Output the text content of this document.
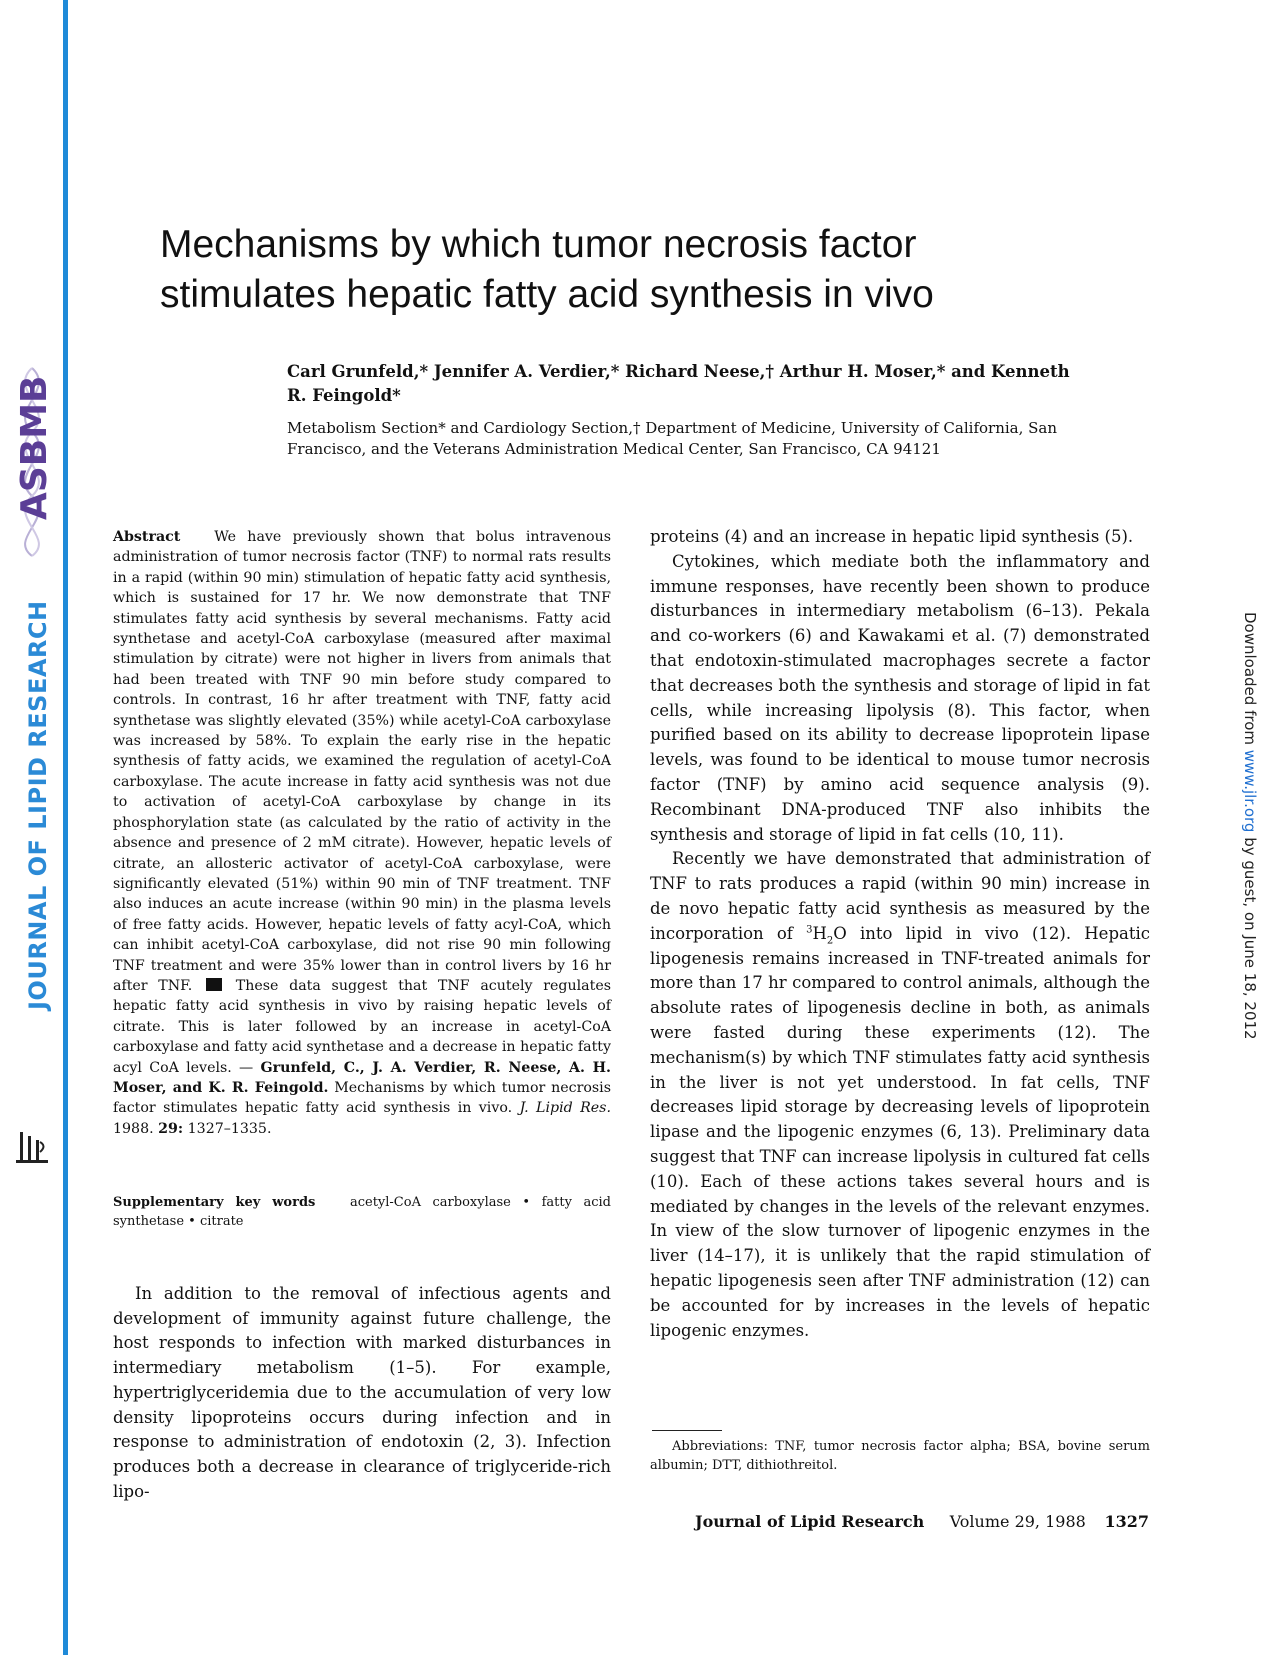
ASBMB
JOURNAL OF LIPID RESEARCH	Downloaded from www.jlr.org by guest, on June 18, 2012
Mechanisms by which tumor necrosis factor stimulates hepatic fatty acid synthesis in vivo
Carl Grunfeld,* Jennifer A. Verdier,* Richard Neese,† Arthur H. Moser,* and Kenneth R. Feingold*
Metabolism Section* and Cardiology Section,† Department of Medicine, University of California, San Francisco, and the Veterans Administration Medical Center, San Francisco, CA 94121
Abstract We have previously shown that bolus intravenous administration of tumor necrosis factor (TNF) to normal rats results in a rapid (within 90 min) stimulation of hepatic fatty acid synthesis, which is sustained for 17 hr. We now demonstrate that TNF stimulates fatty acid synthesis by several mechanisms. Fatty acid synthetase and acetyl-CoA carboxylase (measured after maximal stimulation by citrate) were not higher in livers from animals that had been treated with TNF 90 min before study compared to controls. In contrast, 16 hr after treatment with TNF, fatty acid synthetase was slightly elevated (35%) while acetyl-CoA carboxylase was increased by 58%. To explain the early rise in the hepatic synthesis of fatty acids, we examined the regulation of acetyl-CoA carboxylase. The acute increase in fatty acid synthesis was not due to activation of acetyl-CoA carboxylase by change in its phosphorylation state (as calculated by the ratio of activity in the absence and presence of 2 mM citrate). However, hepatic levels of citrate, an allosteric activator of acetyl-CoA carboxylase, were significantly elevated (51%) within 90 min of TNF treatment. TNF also induces an acute increase (within 90 min) in the plasma levels of free fatty acids. However, hepatic levels of fatty acyl-CoA, which can inhibit acetyl-CoA carboxylase, did not rise 90 min following TNF treatment and were 35% lower than in control livers by 16 hr after TNF.	These data suggest that TNF acutely regulates hepatic fatty acid synthesis in vivo by raising hepatic levels of citrate. This is later followed by an increase in acetyl-CoA carboxylase and fatty acid synthetase and a decrease in hepatic fatty acyl CoA levels. — Grunfeld, C., J. A. Verdier, R. Neese, A. H. Moser, and K. R. Feingold. Mechanisms by which tumor necrosis factor stimulates hepatic fatty acid synthesis in vivo. J. Lipid Res. 1988. 29: 1327–1335.
Supplementary key words	acetyl-CoA carboxylase • fatty acid synthetase • citrate
In addition to the removal of infectious agents and development of immunity against future challenge, the host responds to infection with marked disturbances in intermediary metabolism (1–5). For example, hypertriglyceridemia due to the accumulation of very low density lipoproteins occurs during infection and in response to administration of endotoxin (2, 3). Infection produces both a decrease in clearance of triglyceride-rich lipo-

proteins (4) and an increase in hepatic lipid synthesis (5).

Cytokines, which mediate both the inflammatory and immune responses, have recently been shown to produce disturbances in intermediary metabolism (6–13). Pekala and co-workers (6) and Kawakami et al. (7) demonstrated that endotoxin-stimulated macrophages secrete a factor that decreases both the synthesis and storage of lipid in fat cells, while increasing lipolysis (8). This factor, when purified based on its ability to decrease lipoprotein lipase levels, was found to be identical to mouse tumor necrosis factor (TNF) by amino acid sequence analysis (9). Recombinant DNA-produced TNF also inhibits the synthesis and storage of lipid in fat cells (10, 11).

Recently we have demonstrated that administration of TNF to rats produces a rapid (within 90 min) increase in de novo hepatic fatty acid synthesis as measured by the incorporation of $^3H_2O$ into lipid in vivo (12). Hepatic lipogenesis remains increased in TNF-treated animals for more than 17 hr compared to control animals, although the absolute rates of lipogenesis decline in both, as animals were fasted during these experiments (12). The mechanism(s) by which TNF stimulates fatty acid synthesis in the liver is not yet understood. In fat cells, TNF decreases lipid storage by decreasing levels of lipoprotein lipase and the lipogenic enzymes (6, 13). Preliminary data suggest that TNF can increase lipolysis in cultured fat cells (10). Each of these actions takes several hours and is mediated by changes in the levels of the relevant enzymes. In view of the slow turnover of lipogenic enzymes in the liver (14–17), it is unlikely that the rapid stimulation of hepatic lipogenesis seen after TNF administration (12) can be accounted for by increases in the levels of hepatic lipogenic enzymes.

Abbreviations: TNF, tumor necrosis factor alpha; BSA, bovine serum albumin; DTT, dithiothreitol.
Journal of Lipid Research Volume 29, 1988 1327
